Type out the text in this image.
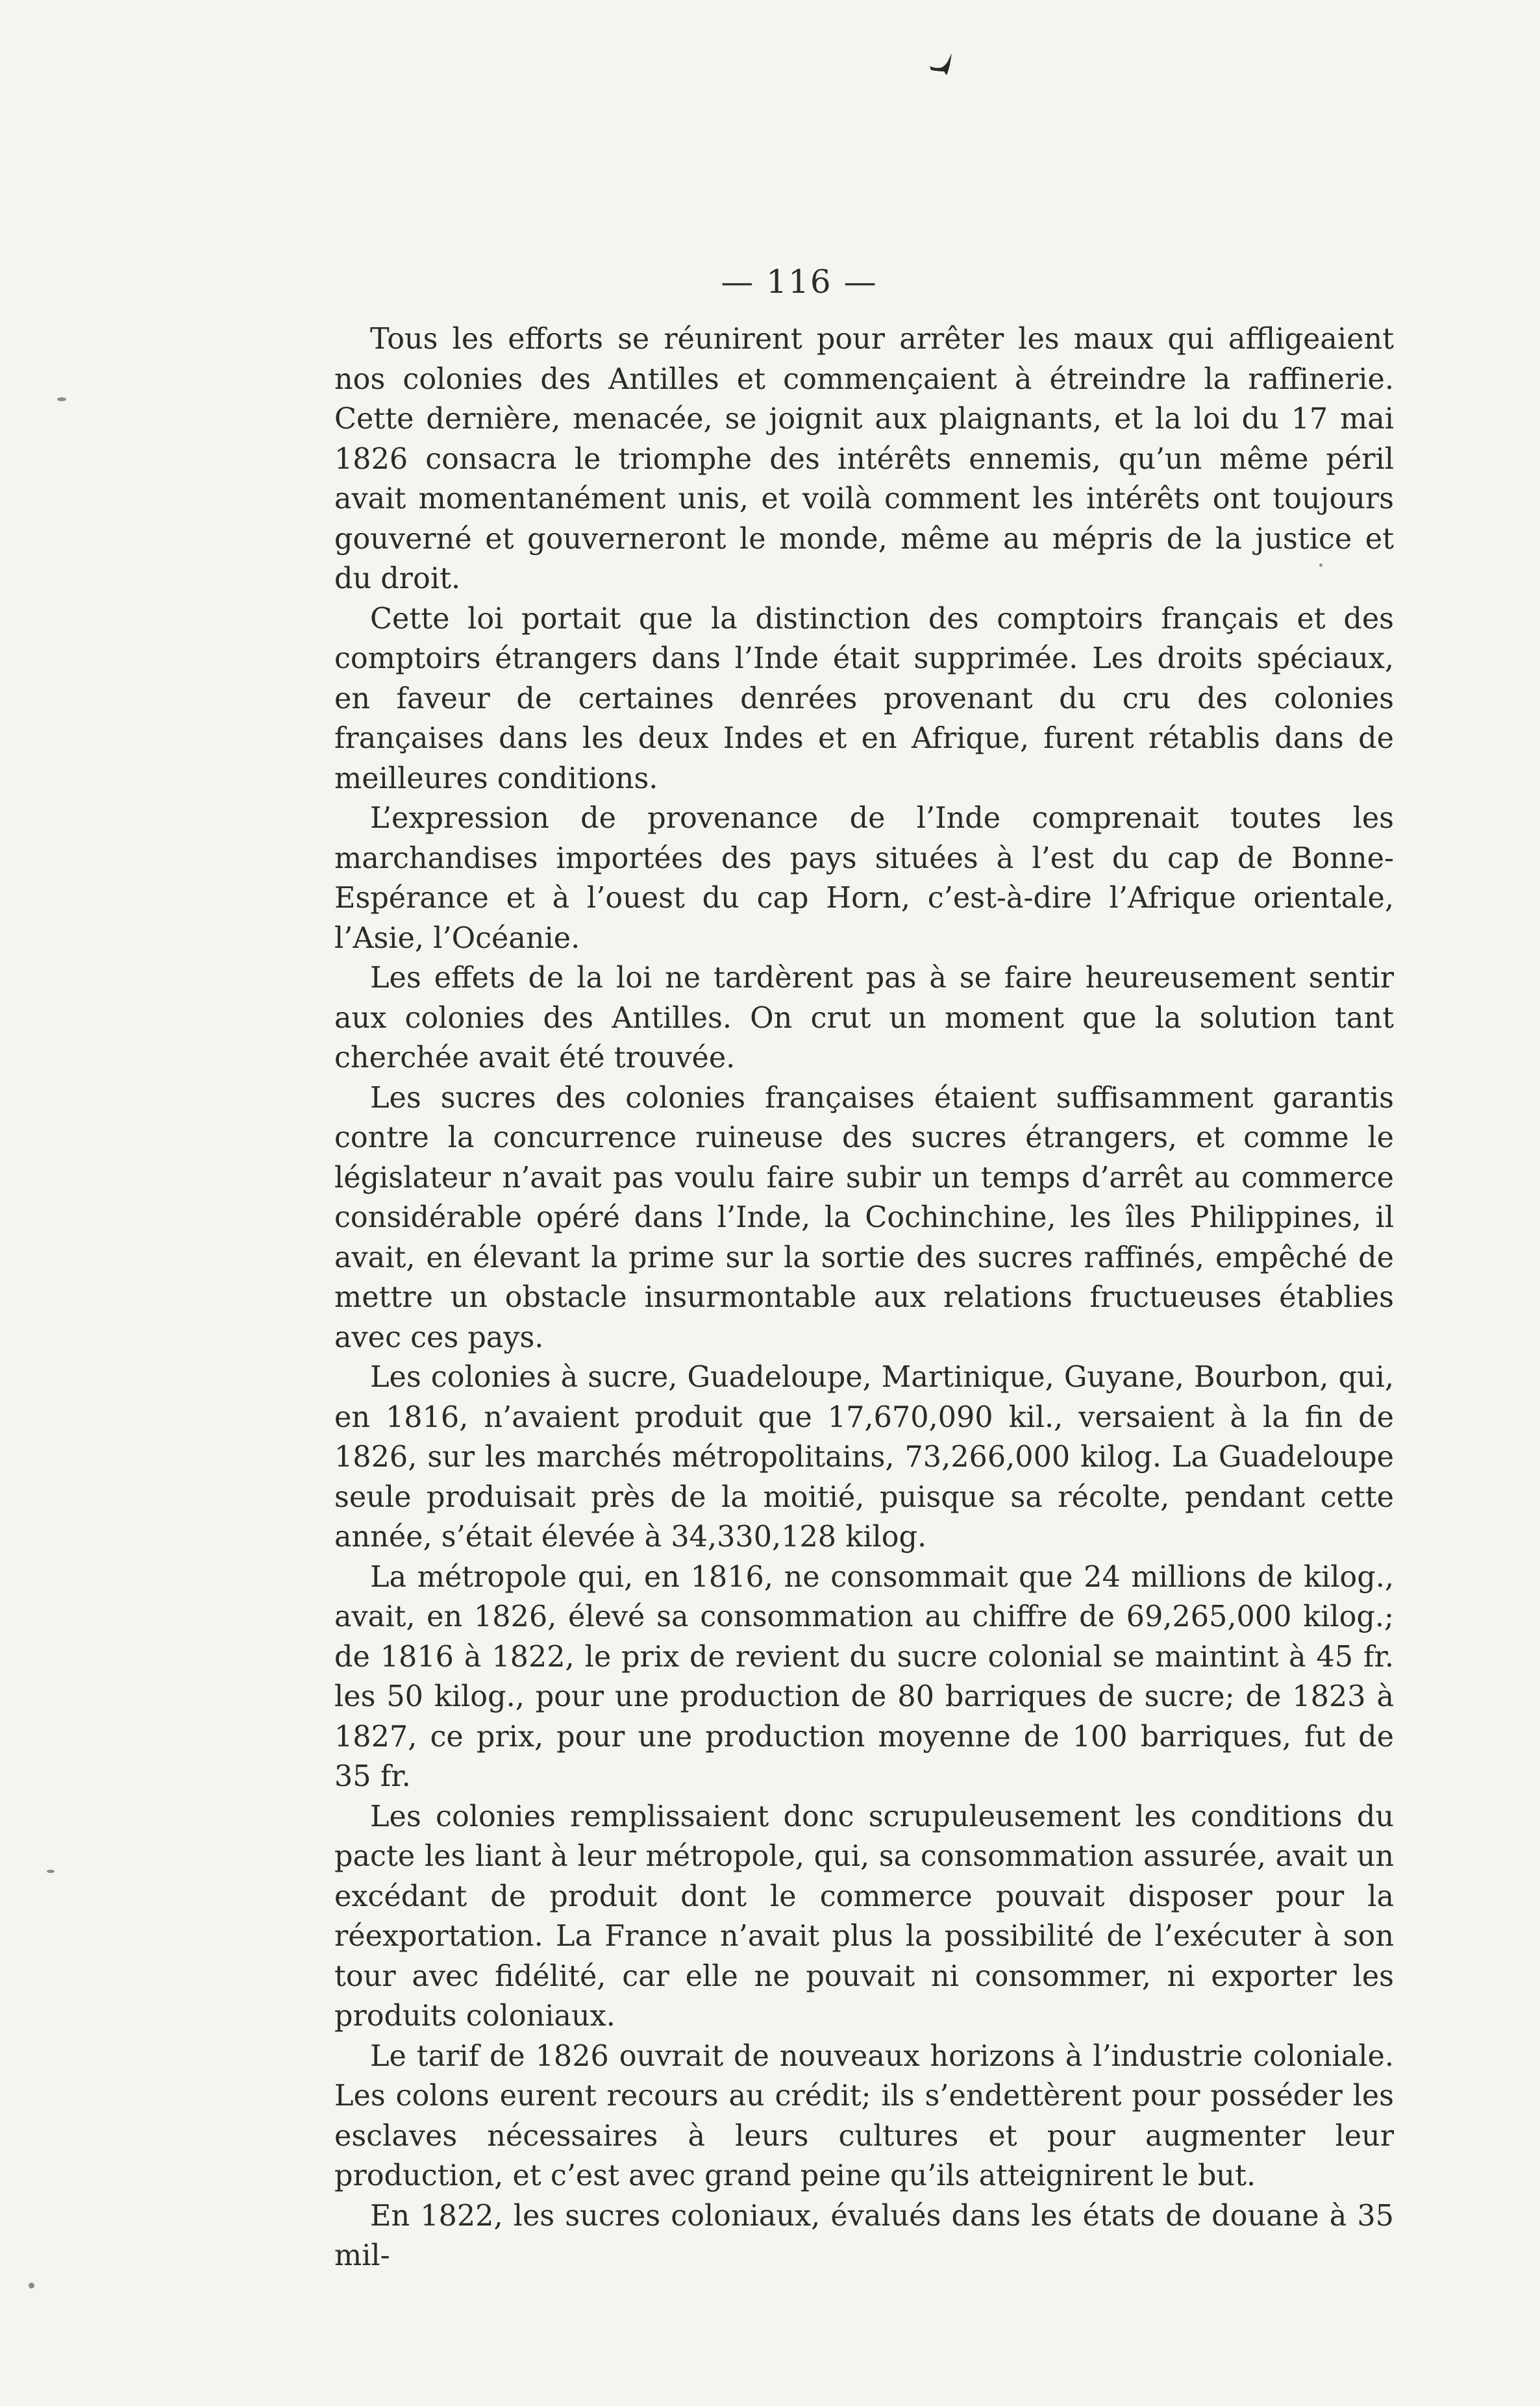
— 116 —

Tous les efforts se réunirent pour arrêter les maux qui affligeaient nos colonies des Antilles et commençaient à étreindre la raffinerie. Cette dernière, menacée, se joignit aux plaignants, et la loi du 17 mai 1826 consacra le triomphe des intérêts ennemis, qu’un même péril avait momentanément unis, et voilà comment les intérêts ont toujours gouverné et gouverneront le monde, même au mépris de la justice et du droit.

Cette loi portait que la distinction des comptoirs français et des comptoirs étrangers dans l’Inde était supprimée. Les droits spéciaux, en faveur de certaines denrées provenant du cru des colonies françaises dans les deux Indes et en Afrique, furent rétablis dans de meilleures conditions.

L’expression de provenance de l’Inde comprenait toutes les marchandises importées des pays situées à l’est du cap de Bonne-Espérance et à l’ouest du cap Horn, c’est-à-dire l’Afrique orientale, l’Asie, l’Océanie.

Les effets de la loi ne tardèrent pas à se faire heureusement sentir aux colonies des Antilles. On crut un moment que la solution tant cherchée avait été trouvée.

Les sucres des colonies françaises étaient suffisamment garantis contre la concurrence ruineuse des sucres étrangers, et comme le législateur n’avait pas voulu faire subir un temps d’arrêt au commerce considérable opéré dans l’Inde, la Cochinchine, les îles Philippines, il avait, en élevant la prime sur la sortie des sucres raffinés, empêché de mettre un obstacle insurmontable aux relations fructueuses établies avec ces pays.

Les colonies à sucre, Guadeloupe, Martinique, Guyane, Bourbon, qui, en 1816, n’avaient produit que 17,670,090 kil., versaient à la fin de 1826, sur les marchés métropolitains, 73,266,000 kilog. La Guadeloupe seule produisait près de la moitié, puisque sa récolte, pendant cette année, s’était élevée à 34,330,128 kilog.

La métropole qui, en 1816, ne consommait que 24 millions de kilog., avait, en 1826, élevé sa consommation au chiffre de 69,265,000 kilog.; de 1816 à 1822, le prix de revient du sucre colonial se maintint à 45 fr. les 50 kilog., pour une production de 80 barriques de sucre; de 1823 à 1827, ce prix, pour une production moyenne de 100 barriques, fut de 35 fr.

Les colonies remplissaient donc scrupuleusement les conditions du pacte les liant à leur métropole, qui, sa consommation assurée, avait un excédant de produit dont le commerce pouvait disposer pour la réexportation. La France n’avait plus la possibilité de l’exécuter à son tour avec fidélité, car elle ne pouvait ni consommer, ni exporter les produits coloniaux.

Le tarif de 1826 ouvrait de nouveaux horizons à l’industrie coloniale. Les colons eurent recours au crédit; ils s’endettèrent pour posséder les esclaves nécessaires à leurs cultures et pour augmenter leur production, et c’est avec grand peine qu’ils atteignirent le but.

En 1822, les sucres coloniaux, évalués dans les états de douane à 35 mil-
